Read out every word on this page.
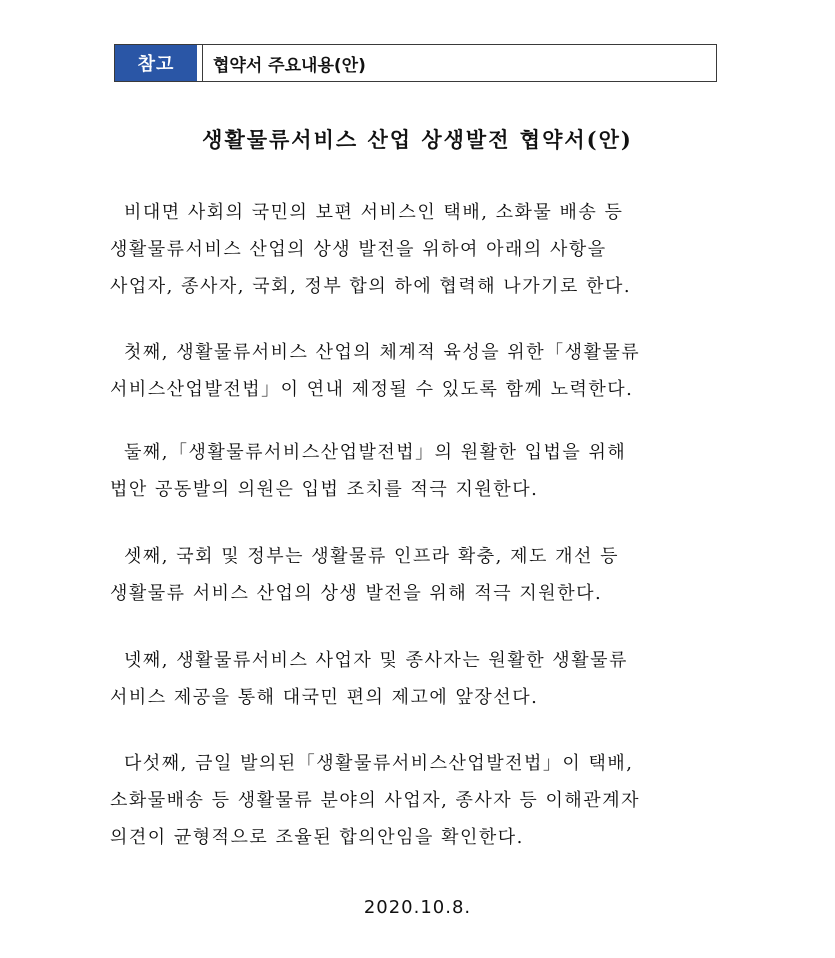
참고	협약서 주요내용(안)
생활물류서비스 산업 상생발전 협약서(안)
비대면 사회의 국민의 보편 서비스인 택배, 소화물 배송 등
생활물류서비스 산업의 상생 발전을 위하여 아래의 사항을
사업자, 종사자, 국회, 정부 합의 하에 협력해 나가기로 한다.
첫째, 생활물류서비스 산업의 체계적 육성을 위한「생활물류
서비스산업발전법」이 연내 제정될 수 있도록 함께 노력한다.
둘째,「생활물류서비스산업발전법」의 원활한 입법을 위해
법안 공동발의 의원은 입법 조치를 적극 지원한다.
셋째, 국회 및 정부는 생활물류 인프라 확충, 제도 개선 등
생활물류 서비스 산업의 상생 발전을 위해 적극 지원한다.
넷째, 생활물류서비스 사업자 및 종사자는 원활한 생활물류
서비스 제공을 통해 대국민 편의 제고에 앞장선다.
다섯째, 금일 발의된「생활물류서비스산업발전법」이 택배,
소화물배송 등 생활물류 분야의 사업자, 종사자 등 이해관계자
의견이 균형적으로 조율된 합의안임을 확인한다.
2020.10.8.
